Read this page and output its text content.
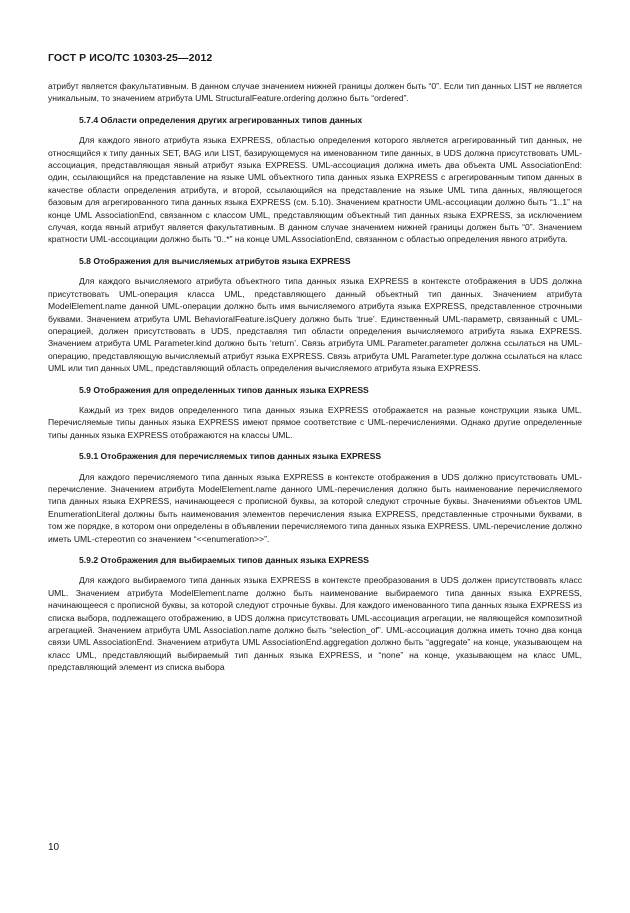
ГОСТ Р ИСО/ТС 10303-25—2012

атрибут является факультативным. В данном случае значением нижней границы должен быть “0”. Если тип данных LIST не является уникальным, то значением атрибута UML StructuralFeature.ordering должно быть “ordered”.

5.7.4 Области определения других агрегированных типов данных

Для каждого явного атрибута языка EXPRESS, областью определения которого является агрегированный тип данных, не относящийся к типу данных SET, BAG или LIST, базирующемуся на именованном типе данных, в UDS должна присутствовать UML-ассоциация, представляющая явный атрибут языка EXPRESS. UML-ассоциация должна иметь два объекта UML AssociationEnd: один, ссылающийся на представление на языке UML объектного типа данных языка EXPRESS с агрегированным типом данных в качестве области определения атрибута, и второй, ссылающийся на представление на языке UML типа данных, являющегося базовым для агрегированного типа данных языка EXPRESS (см. 5.10). Значением кратности UML-ассоциации должно быть “1..1” на конце UML AssociationEnd, связанном с классом UML, представляющим объектный тип данных языка EXPRESS, за исключением случая, когда явный атрибут является факультативным. В данном случае значением нижней границы должен быть “0”. Значением кратности UML-ассоциации должно быть “0..*” на конце UML AssociationEnd, связанном с областью определения явного атрибута.

5.8 Отображения для вычисляемых атрибутов языка EXPRESS

Для каждого вычисляемого атрибута объектного типа данных языка EXPRESS в контексте отображения в UDS должна присутствовать UML-операция класса UML, представляющего данный объектный тип данных. Значением атрибута ModelElement.name данной UML-операции должно быть имя вычисляемого атрибута языка EXPRESS, представленное строчными буквами. Значением атрибута UML BehavioralFeature.isQuery должно быть ‘true’. Единственный UML-параметр, связанный с UML-операцией, должен присутствовать в UDS, представляя тип области определения вычисляемого атрибута языка EXPRESS. Значением атрибута UML Parameter.kind должно быть ‘return’. Связь атрибута UML Parameter.parameter должна ссылаться на UML-операцию, представляющую вычисляемый атрибут языка EXPRESS. Связь атрибута UML Parameter.type должна ссылаться на класс UML или тип данных UML, представляющий область определения вычисляемого атрибута языка EXPRESS.

5.9 Отображения для определенных типов данных языка EXPRESS

Каждый из трех видов определенного типа данных языка EXPRESS отображается на разные конструкции языка UML. Перечисляемые типы данных языка EXPRESS имеют прямое соответствие с UML-перечислениями. Однако другие определенные типы данных языка EXPRESS отображаются на классы UML.

5.9.1 Отображения для перечисляемых типов данных языка EXPRESS

Для каждого перечисляемого типа данных языка EXPRESS в контексте отображения в UDS должно присутствовать UML-перечисление. Значением атрибута ModelElement.name данного UML-перечисления должно быть наименование перечисляемого типа данных языка EXPRESS, начинающееся с прописной буквы, за которой следуют строчные буквы. Значениями объектов UML EnumerationLiteral должны быть наименования элементов перечисления языка EXPRESS, представленные строчными буквами, в том же порядке, в котором они определены в объявлении перечисляемого типа данных языка EXPRESS. UML-перечисление должно иметь UML-стереотип со значением “<<enumeration>>”.

5.9.2 Отображения для выбираемых типов данных языка EXPRESS

Для каждого выбираемого типа данных языка EXPRESS в контексте преобразования в UDS должен присутствовать класс UML. Значением атрибута ModelElement.name должно быть наименование выбираемого типа данных языка EXPRESS, начинающееся с прописной буквы, за которой следуют строчные буквы. Для каждого именованного типа данных языка EXPRESS из списка выбора, подлежащего отображению, в UDS должна присутствовать UML-ассоциация агрегации, не являющейся композитной агрегацией. Значением атрибута UML Association.name должно быть “selection_of”. UML-ассоциация должна иметь точно два конца связи UML AssociationEnd. Значением атрибута UML AssociationEnd.aggregation должно быть “aggregate” на конце, указывающем на класс UML, представляющий выбираемый тип данных языка EXPRESS, и “none” на конце, указывающем на класс UML, представляющий элемент из списка выбора

10
